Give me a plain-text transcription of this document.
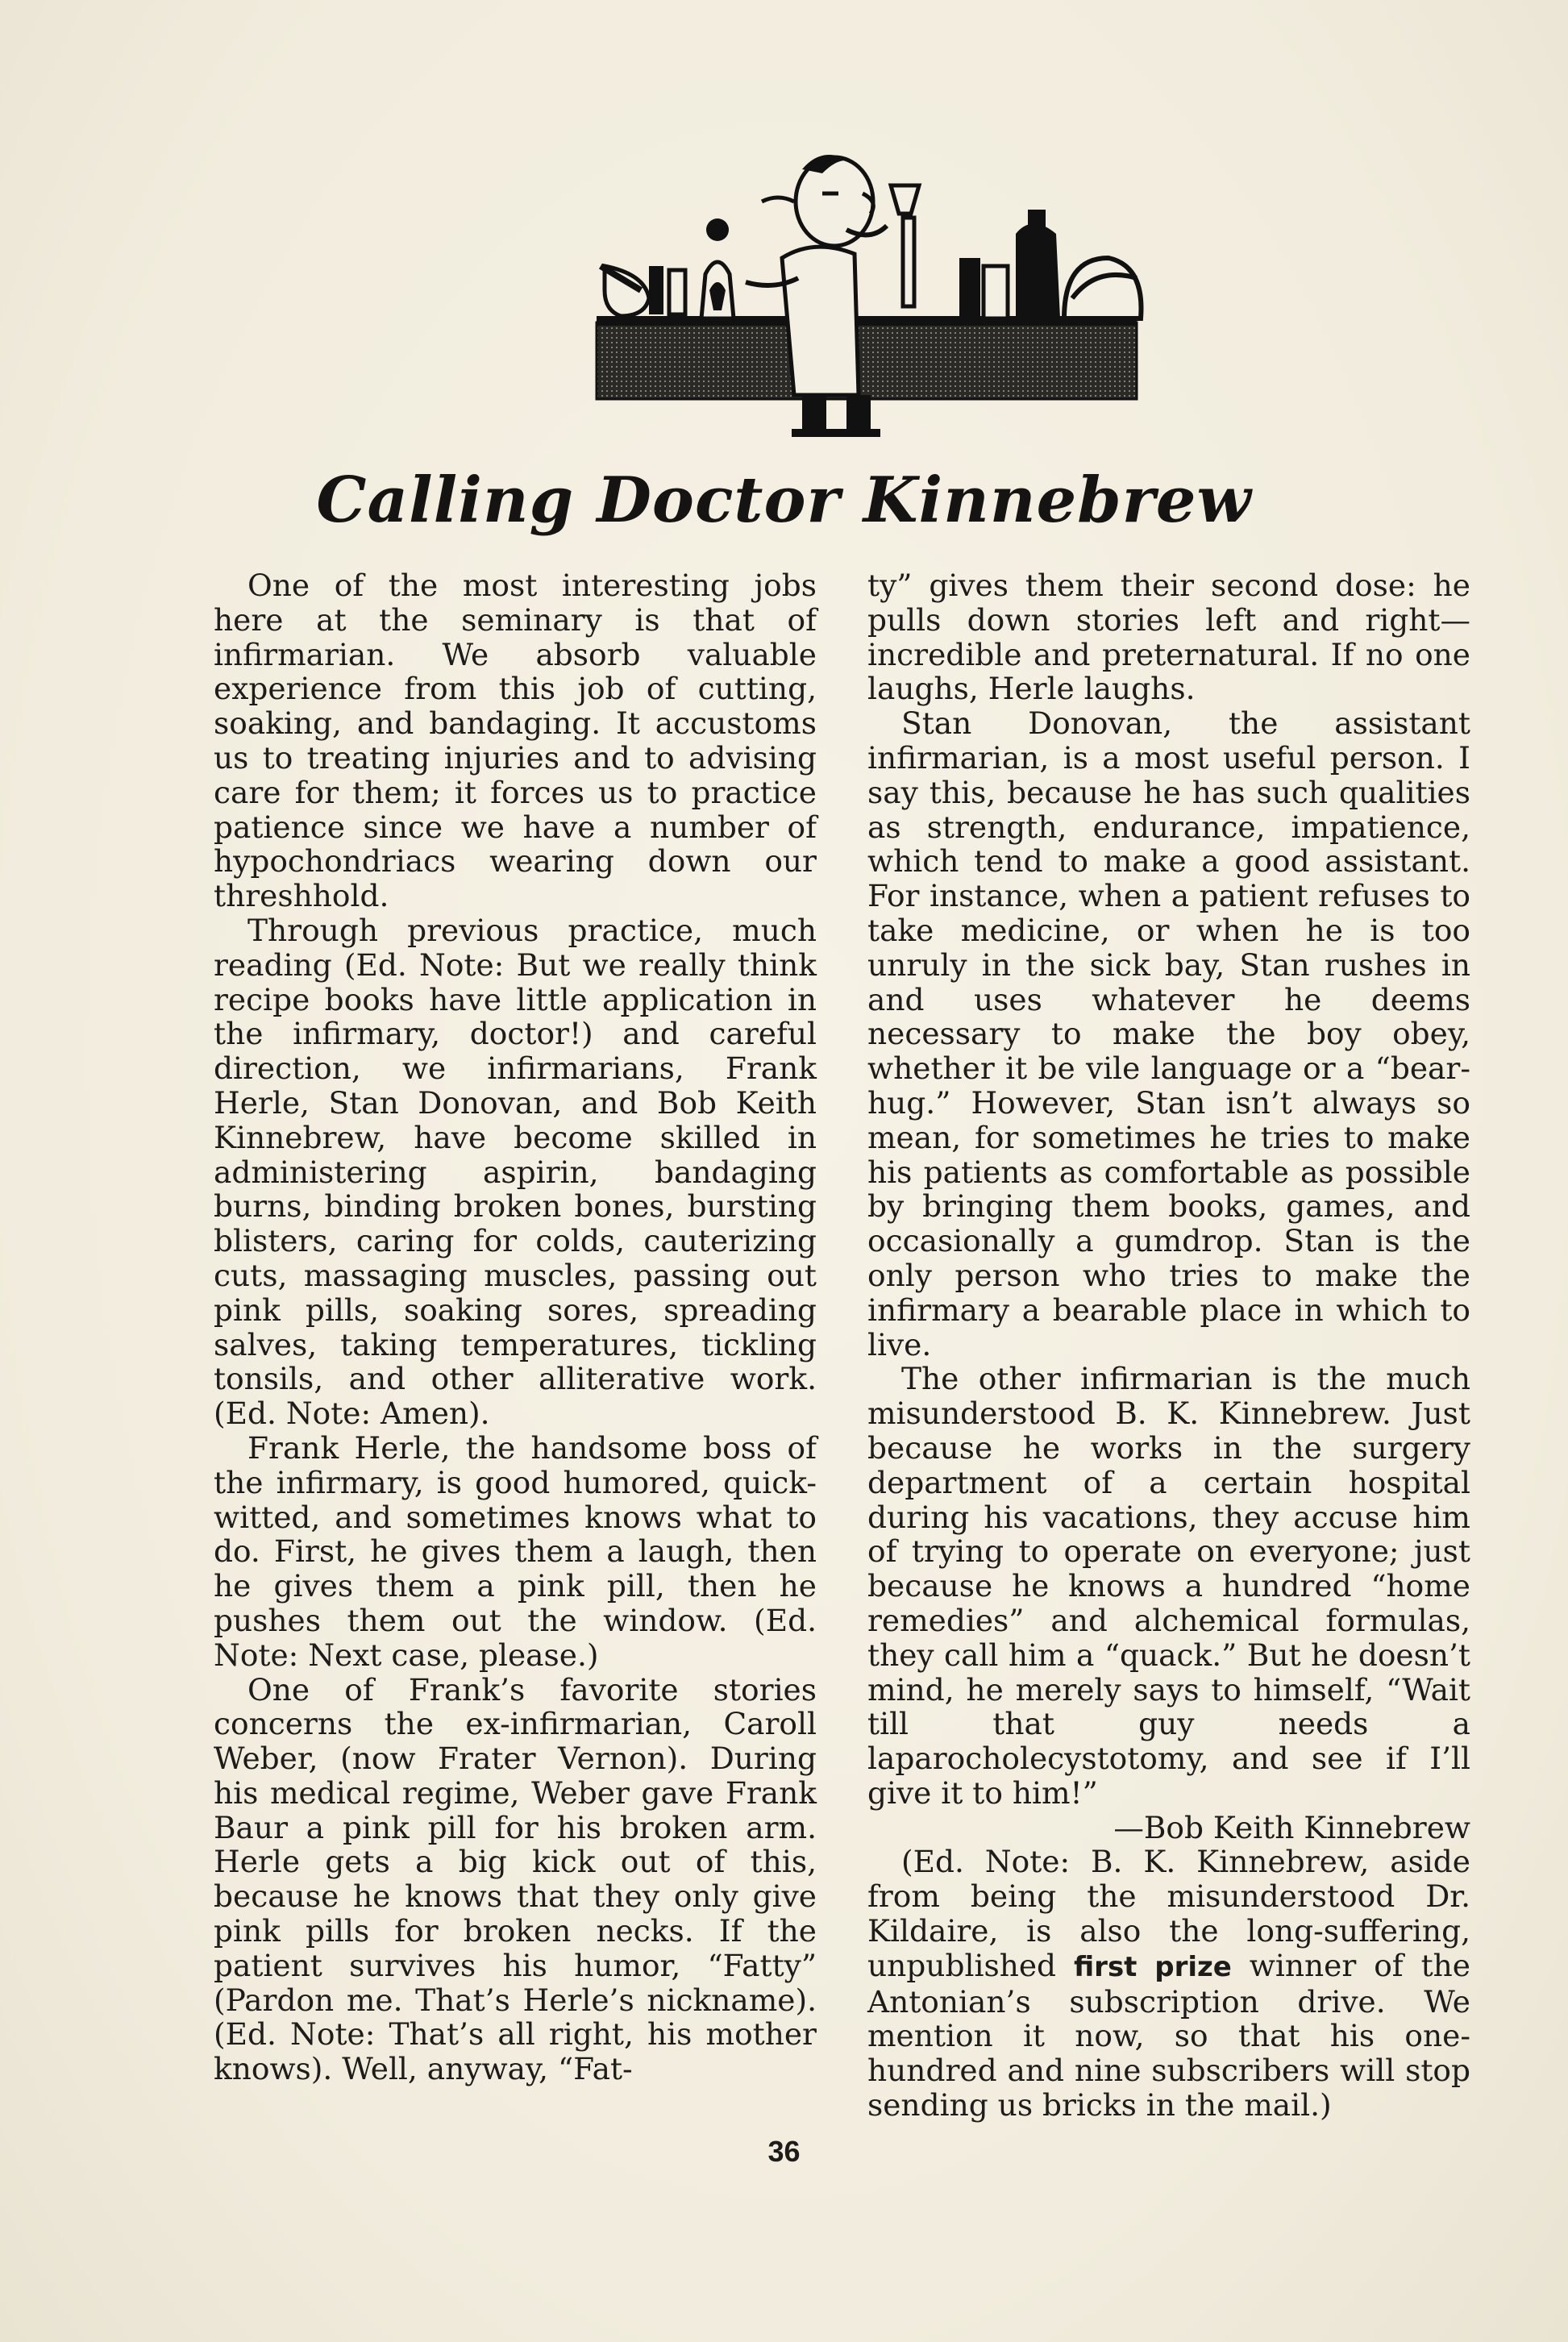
Calling Doctor Kinnebrew

One of the most interesting jobs here at the seminary is that of infirmarian. We absorb valuable experience from this job of cutting, soaking, and bandaging. It accustoms us to treating injuries and to advising care for them; it forces us to practice patience since we have a number of hypochondriacs wearing down our threshhold.

Through previous practice, much reading (Ed. Note: But we really think recipe books have little application in the infirmary, doctor!) and careful direction, we infirmarians, Frank Herle, Stan Donovan, and Bob Keith Kinnebrew, have become skilled in administering aspirin, bandaging burns, binding broken bones, bursting blisters, caring for colds, cauterizing cuts, massaging muscles, passing out pink pills, soaking sores, spreading salves, taking temperatures, tickling tonsils, and other alliterative work. (Ed. Note: Amen).

Frank Herle, the handsome boss of the infirmary, is good humored, quick-witted, and sometimes knows what to do. First, he gives them a laugh, then he gives them a pink pill, then he pushes them out the window. (Ed. Note: Next case, please.)

One of Frank’s favorite stories concerns the ex-infirmarian, Caroll Weber, (now Frater Vernon). During his medical regime, Weber gave Frank Baur a pink pill for his broken arm. Herle gets a big kick out of this, because he knows that they only give pink pills for broken necks. If the patient survives his humor, “Fatty” (Pardon me. That’s Herle’s nickname). (Ed. Note: That’s all right, his mother knows). Well, anyway, “Fat-

ty” gives them their second dose: he pulls down stories left and right—incredible and preternatural. If no one laughs, Herle laughs.

Stan Donovan, the assistant infirmarian, is a most useful person. I say this, because he has such qualities as strength, endurance, impatience, which tend to make a good assistant. For instance, when a patient refuses to take medicine, or when he is too unruly in the sick bay, Stan rushes in and uses whatever he deems necessary to make the boy obey, whether it be vile language or a “bear-hug.” However, Stan isn’t always so mean, for sometimes he tries to make his patients as comfortable as possible by bringing them books, games, and occasionally a gumdrop. Stan is the only person who tries to make the infirmary a bearable place in which to live.

The other infirmarian is the much misunderstood B. K. Kinnebrew. Just because he works in the surgery department of a certain hospital during his vacations, they accuse him of trying to operate on everyone; just because he knows a hundred “home remedies” and alchemical formulas, they call him a “quack.” But he doesn’t mind, he merely says to himself, “Wait till that guy needs a laparocholecystotomy, and see if I’ll give it to him!”

—Bob Keith Kinnebrew

(Ed. Note: B. K. Kinnebrew, aside from being the misunderstood Dr. Kildaire, is also the long-suffering, unpublished first prize winner of the Antonian’s subscription drive. We mention it now, so that his one-hundred and nine subscribers will stop sending us bricks in the mail.)

36
